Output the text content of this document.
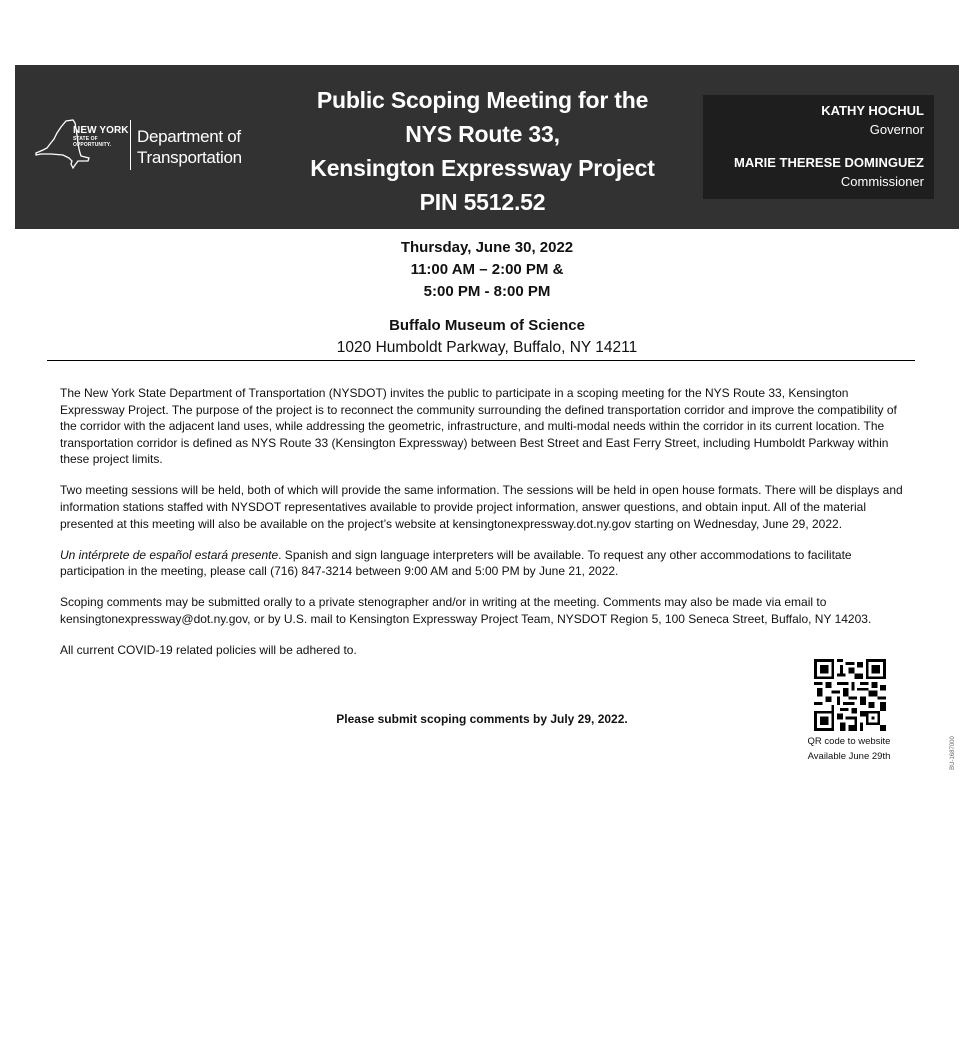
NEW YORK
STATE OF
OPPORTUNITY.	Department of
Transportation
Public Scoping Meeting for the
NYS Route 33,
Kensington Expressway Project
PIN 5512.52
KATHY HOCHUL
Governor
MARIE THERESE DOMINGUEZ
Commissioner
Thursday, June 30, 2022
11:00 AM – 2:00 PM &
5:00 PM - 8:00 PM
Buffalo Museum of Science
1020 Humboldt Parkway, Buffalo, NY 14211

The New York State Department of Transportation (NYSDOT) invites the public to participate in a scoping meeting for the NYS Route 33, Kensington Expressway Project. The purpose of the project is to reconnect the community surrounding the defined transportation corridor and improve the compatibility of the corridor with the adjacent land uses, while addressing the geometric, infrastructure, and multi-modal needs within the corridor in its current location. The transportation corridor is defined as NYS Route 33 (Kensington Expressway) between Best Street and East Ferry Street, including Humboldt Parkway within these project limits.

Two meeting sessions will be held, both of which will provide the same information. The sessions will be held in open house formats. There will be displays and information stations staffed with NYSDOT representatives available to provide project information, answer questions, and obtain input. All of the material presented at this meeting will also be available on the project’s website at kensingtonexpressway.dot.ny.gov starting on Wednesday, June 29, 2022.

Un intérprete de español estará presente. Spanish and sign language interpreters will be available. To request any other accommodations to facilitate participation in the meeting, please call (716) 847-3214 between 9:00 AM and 5:00 PM by June 21, 2022.

Scoping comments may be submitted orally to a private stenographer and/or in writing at the meeting. Comments may also be made via email to kensingtonexpressway@dot.ny.gov, or by U.S. mail to Kensington Expressway Project Team, NYSDOT Region 5, 100 Seneca Street, Buffalo, NY 14203.

All current COVID-19 related policies will be adhered to.

Please submit scoping comments by July 29, 2022.
QR code to website
Available June 29th	BU-1687000
